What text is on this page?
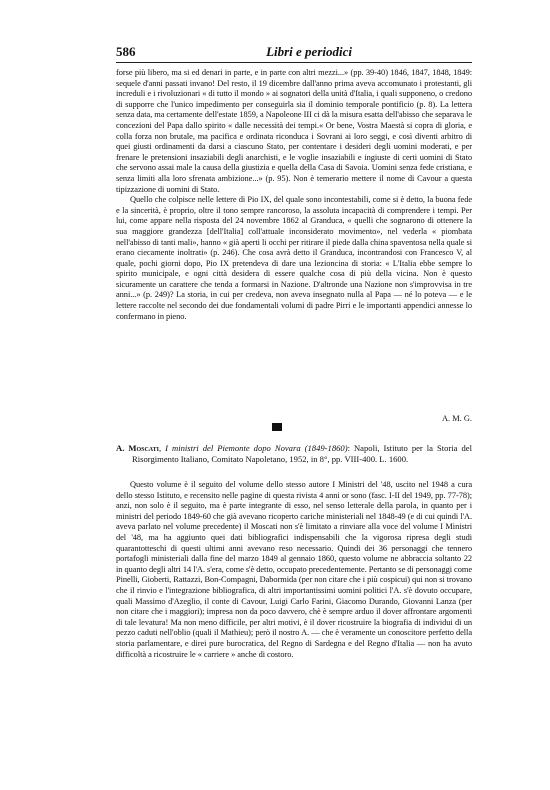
586	Libri e periodici

forse più libero, ma si ed denari in parte, e in parte con altri mezzi...» (pp. 39-40) 1846, 1847, 1848, 1849: sequele d'anni passati invano! Del resto, il 19 dicembre dall'anno prima aveva accomunato i protestanti, gli increduli e i rivoluzionari « di tutto il mondo » ai sognatori della unità d'Italia, i quali supponeno, o credono di supporre che l'unico impedimento per conseguirla sia il dominio temporale pontificio (p. 8). La lettera senza data, ma certamente dell'estate 1859, a Napoleone III ci dà la misura esatta dell'abisso che separava le concezioni del Papa dallo spirito « dalle necessità dei tempi.« Or bene, Vostra Maestà si copra di gloria, e colla forza non brutale, ma pacifica e ordinata riconduca i Sovrani ai loro seggi, e così diventi arbitro di quei giusti ordinamenti da darsi a ciascuno Stato, per contentare i desideri degli uomini moderati, e per frenare le pretensioni insaziabili degli anarchisti, e le voglie insaziabili e ingiuste di certi uomini di Stato che servono assai male la causa della giustizia e quella della Casa di Savoia. Uomini senza fede cristiana, e senza limiti alla loro sfrenata ambizione...» (p. 95). Non è temerario mettere il nome di Cavour a questa tipizzazione di uomini di Stato.

Quello che colpisce nelle lettere di Pio IX, del quale sono incontestabili, come si è detto, la buona fede e la sincerità, è proprio, oltre il tono sempre rancoroso, la assoluta incapacità di comprendere i tempi. Per lui, come appare nella risposta del 24 novembre 1862 al Granduca, « quelli che sognarono di ottenere la sua maggiore grandezza [dell'Italia] coll'attuale inconsiderato movimento», nel vederla « piombata nell'abisso di tanti mali», hanno « già aperti li occhi per ritirare il piede dalla china spaventosa nella quale si erano ciecamente inoltrati» (p. 246). Che cosa avrà detto il Granduca, incontrandosi con Francesco V, al quale, pochi giorni dopo, Pio IX pretendeva di dare una lezioncina di storia: « L'Italia ebbe sempre lo spirito municipale, e ogni città desidera di essere qualche cosa di più della vicina. Non è questo sicuramente un carattere che tenda a formarsi in Nazione. D'altronde una Nazione non s'improvvisa in tre anni...» (p. 249)? La storia, in cui per credeva, non aveva insegnato nulla al Papa — né lo poteva — e le lettere raccolte nel secondo dei due fondamentali volumi di padre Pirri e le importanti appendici annesse lo confermano in pieno.

A. M. G.
A. Moscati, I ministri del Piemonte dopo Novara (1849-1860): Napoli, Istituto per la Storia del Risorgimento Italiano, Comitato Napoletano, 1952, in 8°, pp. VIII-400. L. 1600.

Questo volume è il seguito del volume dello stesso autore I Ministri del '48, uscito nel 1948 a cura dello stesso Istituto, e recensito nelle pagine di questa rivista 4 anni or sono (fasc. I-II del 1949, pp. 77-78); anzi, non solo è il seguito, ma è parte integrante di esso, nel senso letterale della parola, in quanto per i ministri del periodo 1849-60 che già avevano ricoperto cariche ministeriali nel 1848-49 (e di cui quindi l'A. aveva parlato nel volume precedente) il Moscati non s'è limitato a rinviare alla voce del volume I Ministri del '48, ma ha aggiunto quei dati bibliografici indispensabili che la vigorosa ripresa degli studi quarantotteschi di questi ultimi anni avevano reso necessario. Quindi dei 36 personaggi che tennero portafogli ministeriali dalla fine del marzo 1849 al gennaio 1860, questo volume ne abbraccia soltanto 22 in quanto degli altri 14 l'A. s'era, come s'è detto, occupato precedentemente. Pertanto se di personaggi come Pinelli, Gioberti, Rattazzi, Bon-Compagni, Dabormida (per non citare che i più cospicui) qui non si trovano che il rinvio e l'integrazione bibliografica, di altri importantissimi uomini politici l'A. s'è dovuto occupare, quali Massimo d'Azeglio, il conte di Cavour, Luigi Carlo Farini, Giacomo Durando, Giovanni Lanza (per non citare che i maggiori); impresa non da poco davvero, chè è sempre arduo il dover affrontare argomenti di tale levatura! Ma non meno difficile, per altri motivi, è il dover ricostruire la biografia di individui di un pezzo caduti nell'oblio (quali il Mathieu); però il nostro A. — che è veramente un conoscitore perfetto della storia parlamentare, e direi pure burocratica, del Regno di Sardegna e del Regno d'Italia — non ha avuto difficoltà a ricostruire le « carriere » anche di costoro.
